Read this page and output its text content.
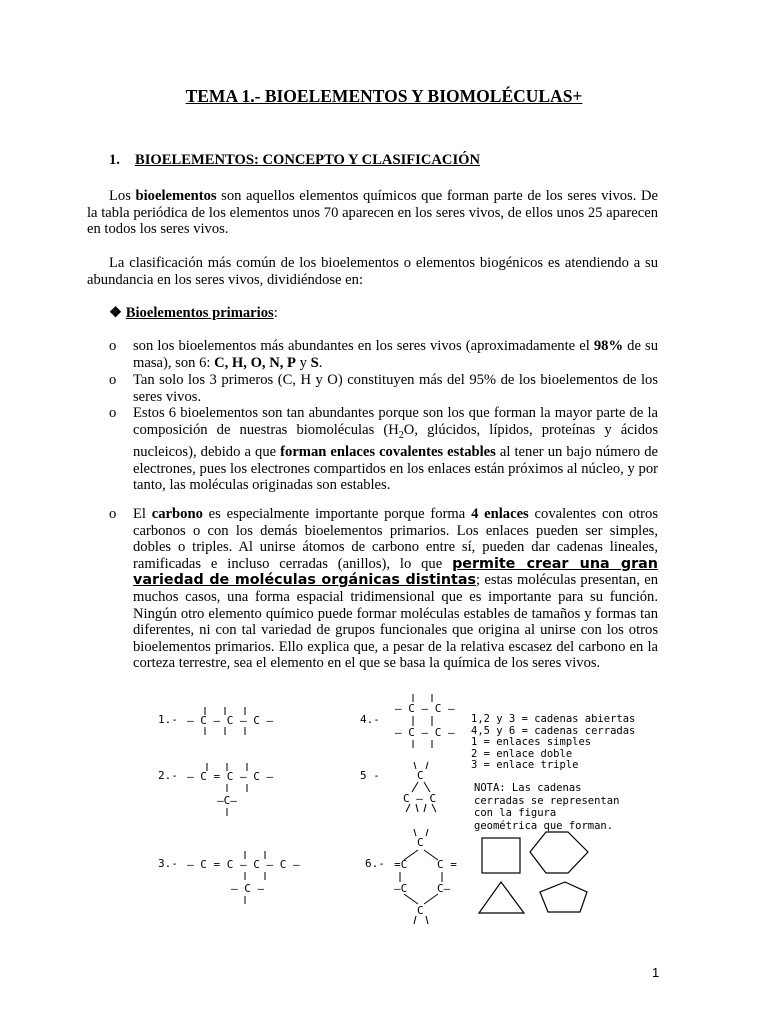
TEMA 1.- BIOELEMENTOS Y BIOMOLÉCULAS+
1. BIOELEMENTOS: CONCEPTO Y CLASIFICACIÓN
Los bioelementos son aquellos elementos químicos que forman parte de los seres vivos. De la tabla periódica de los elementos unos 70 aparecen en los seres vivos, de ellos unos 25 aparecen en todos los seres vivos.
La clasificación más común de los bioelementos o elementos biogénicos es atendiendo a su abundancia en los seres vivos, dividiéndose en:
❖ Bioelementos primarios:
o son los bioelementos más abundantes en los seres vivos (aproximadamente el 98% de su masa), son 6: C, H, O, N, P y S.
o Tan solo los 3 primeros (C, H y O) constituyen más del 95% de los bioelementos de los seres vivos.
o Estos 6 bioelementos son tan abundantes porque son los que forman la mayor parte de la composición de nuestras biomoléculas ($H_2O$, glúcidos, lípidos, proteínas y ácidos nucleicos), debido a que forman enlaces covalentes estables al tener un bajo número de electrones, pues los electrones compartidos en los enlaces están próximos al núcleo, y por tanto, las moléculas originadas son estables.
o El carbono es especialmente importante porque forma 4 enlaces covalentes con otros carbonos o con los demás bioelementos primarios. Los enlaces pueden ser simples, dobles o triples. Al unirse átomos de carbono entre sí, pueden dar cadenas lineales, ramificadas e incluso cerradas (anillos), lo que permite crear una gran variedad de moléculas orgánicas distintas; estas moléculas presentan, en muchos casos, una forma espacial tridimensional que es importante para su función. Ningún otro elemento químico puede formar moléculas estables de tamaños y formas tan diferentes, ni con tal variedad de grupos funcionales que origina al unirse con los otros bioelementos primarios. Ello explica que, a pesar de la relativa escasez del carbono en la corteza terrestre, sea el elemento en el que se basa la química de los seres vivos.
1.-
2.-
3.-
4.-
5 -
6.-
– C – C – C –
– C = C – C –
–C–
– C = C – C – C –
– C –
– C – C –
– C – C –
C
C – C
C
=C	C =
–C	C–
C
1,2 y 3 = cadenas abiertas
4,5 y 6 = cadenas cerradas
1 = enlaces simples
2 = enlace doble
3 = enlace triple
NOTA: Las cadenas cerradas se representan con la figura geométrica que forman.
1
